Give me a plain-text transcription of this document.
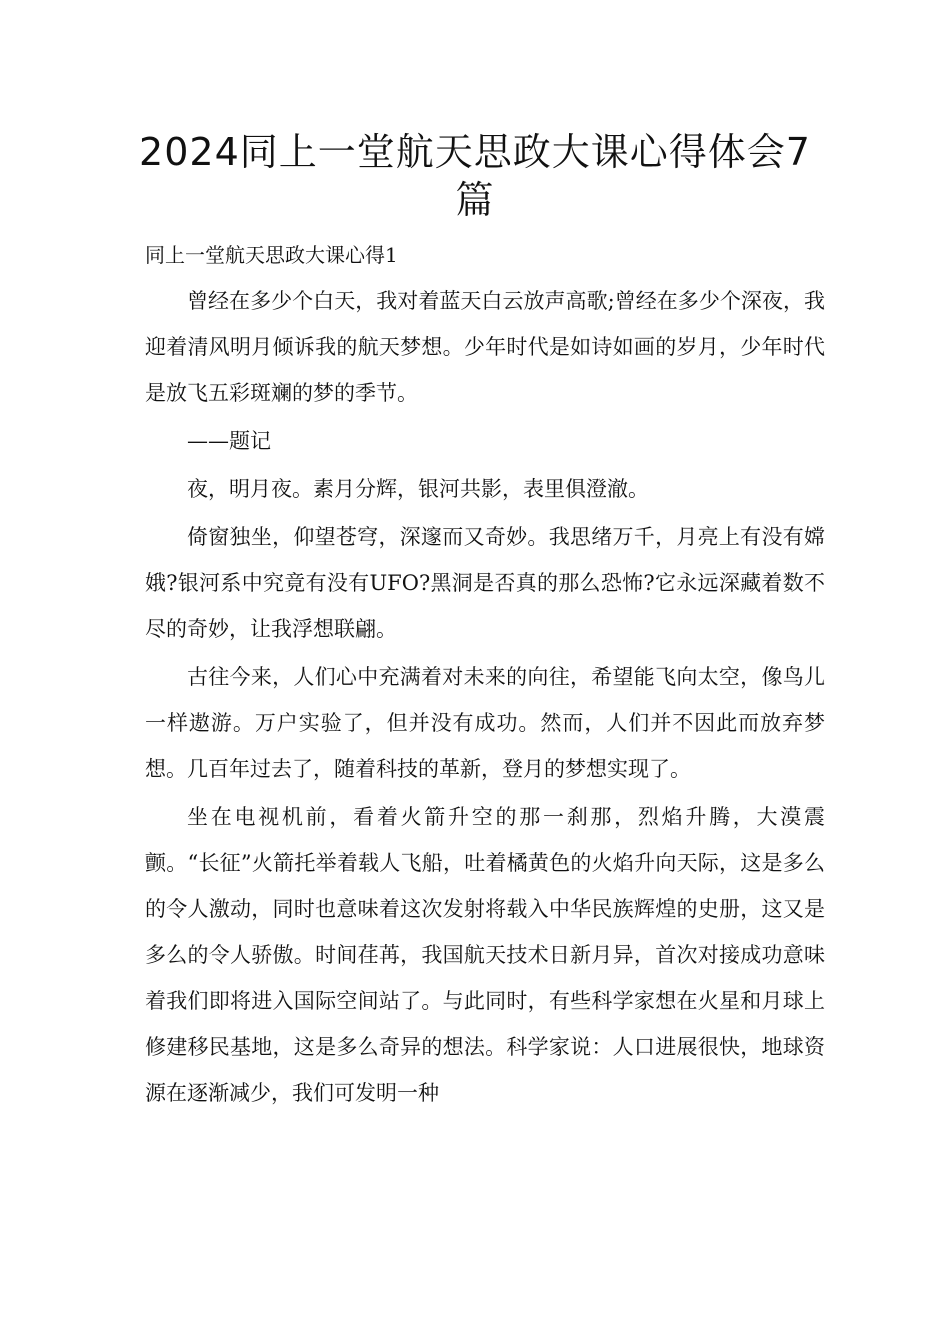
2024同上一堂航天思政大课心得体会7篇

同上一堂航天思政大课心得1

曾经在多少个白天，我对着蓝天白云放声高歌;曾经在多少个深夜，我迎着清风明月倾诉我的航天梦想。少年时代是如诗如画的岁月，少年时代是放飞五彩斑斓的梦的季节。

——题记

夜，明月夜。素月分辉，银河共影，表里俱澄澈。

倚窗独坐，仰望苍穹，深邃而又奇妙。我思绪万千，月亮上有没有嫦娥?银河系中究竟有没有UFO?黑洞是否真的那么恐怖?它永远深藏着数不尽的奇妙，让我浮想联翩。

古往今来，人们心中充满着对未来的向往，希望能飞向太空，像鸟儿一样遨游。万户实验了，但并没有成功。然而，人们并不因此而放弃梦想。几百年过去了，随着科技的革新，登月的梦想实现了。

坐在电视机前，看着火箭升空的那一刹那，烈焰升腾，大漠震颤。“长征”火箭托举着载人飞船，吐着橘黄色的火焰升向天际，这是多么的令人激动，同时也意味着这次发射将载入中华民族辉煌的史册，这又是多么的令人骄傲。时间荏苒，我国航天技术日新月异，首次对接成功意味着我们即将进入国际空间站了。与此同时，有些科学家想在火星和月球上修建移民基地，这是多么奇异的想法。科学家说：人口进展很快，地球资源在逐渐减少，我们可发明一种
